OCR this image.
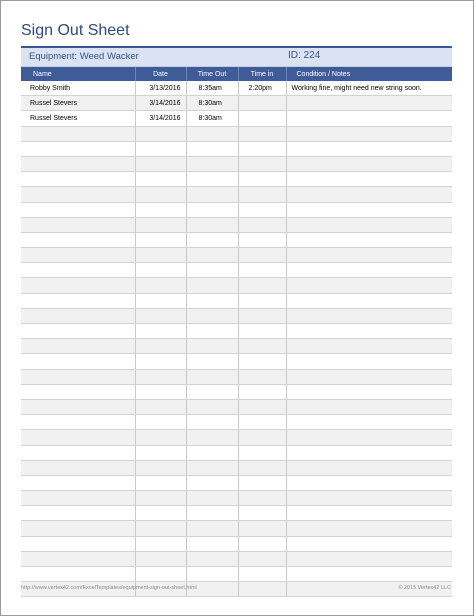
Sign Out Sheet
Equipment: Weed Wacker	ID: 224
Name	Date	Time Out	Time in	Condition / Notes
Robby Smith	3/13/2016	8:35am	2:20pm	Working fine, might need new string soon.
Russel Stevers	3/14/2016	8:30am		
Russel Stevers	3/14/2016	8:30am		

http://www.vertex42.com/ExcelTemplates/equipment-sign-out-sheet.html	© 2015 Vertex42 LLC
